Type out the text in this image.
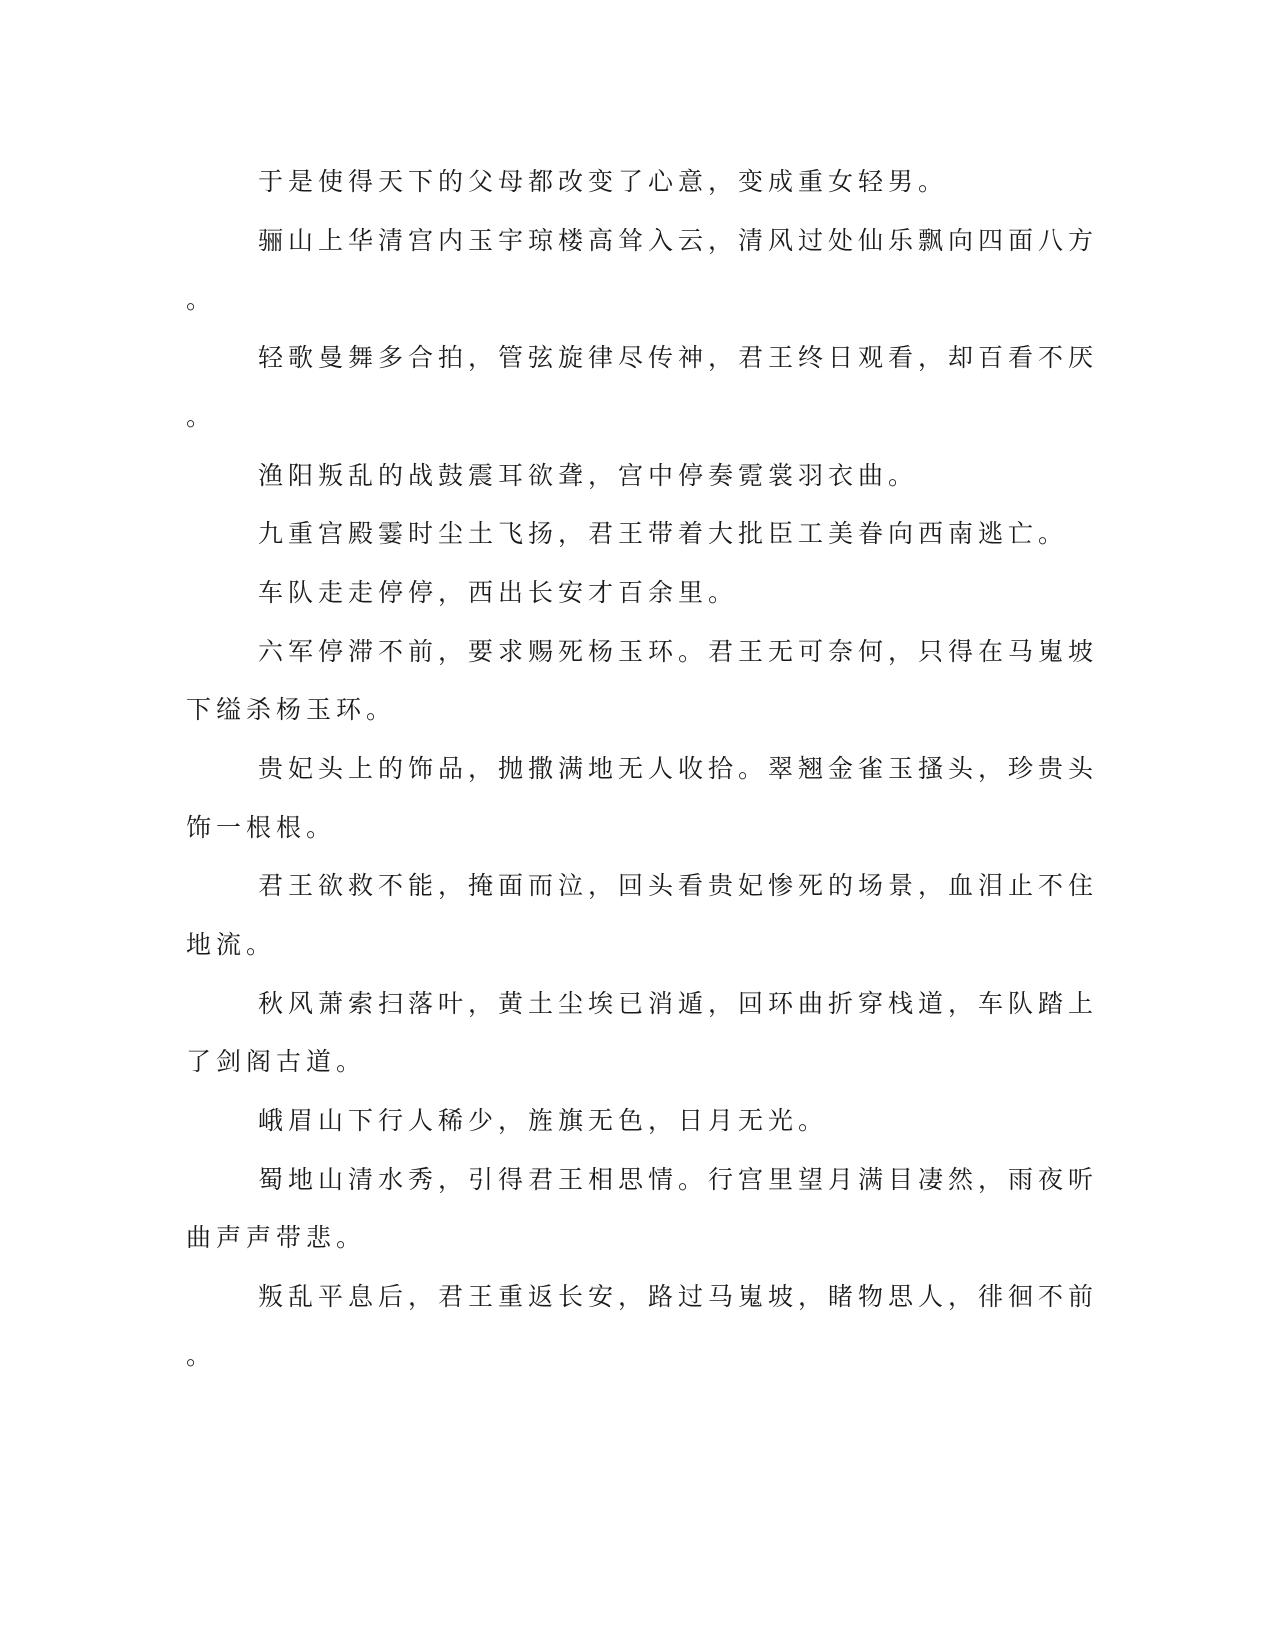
于是使得天下的父母都改变了心意，变成重女轻男。
骊山上华清宫内玉宇琼楼高耸入云，清风过处仙乐飘向四面八方
。
轻歌曼舞多合拍，管弦旋律尽传神，君王终日观看，却百看不厌
。
渔阳叛乱的战鼓震耳欲聋，宫中停奏霓裳羽衣曲。
九重宫殿霎时尘土飞扬，君王带着大批臣工美眷向西南逃亡。
车队走走停停，西出长安才百余里。
六军停滞不前，要求赐死杨玉环。君王无可奈何，只得在马嵬坡
下缢杀杨玉环。
贵妃头上的饰品，抛撒满地无人收拾。翠翘金雀玉搔头，珍贵头
饰一根根。
君王欲救不能，掩面而泣，回头看贵妃惨死的场景，血泪止不住
地流。
秋风萧索扫落叶，黄土尘埃已消遁，回环曲折穿栈道，车队踏上
了剑阁古道。
峨眉山下行人稀少，旌旗无色，日月无光。
蜀地山清水秀，引得君王相思情。行宫里望月满目凄然，雨夜听
曲声声带悲。
叛乱平息后，君王重返长安，路过马嵬坡，睹物思人，徘徊不前
。
